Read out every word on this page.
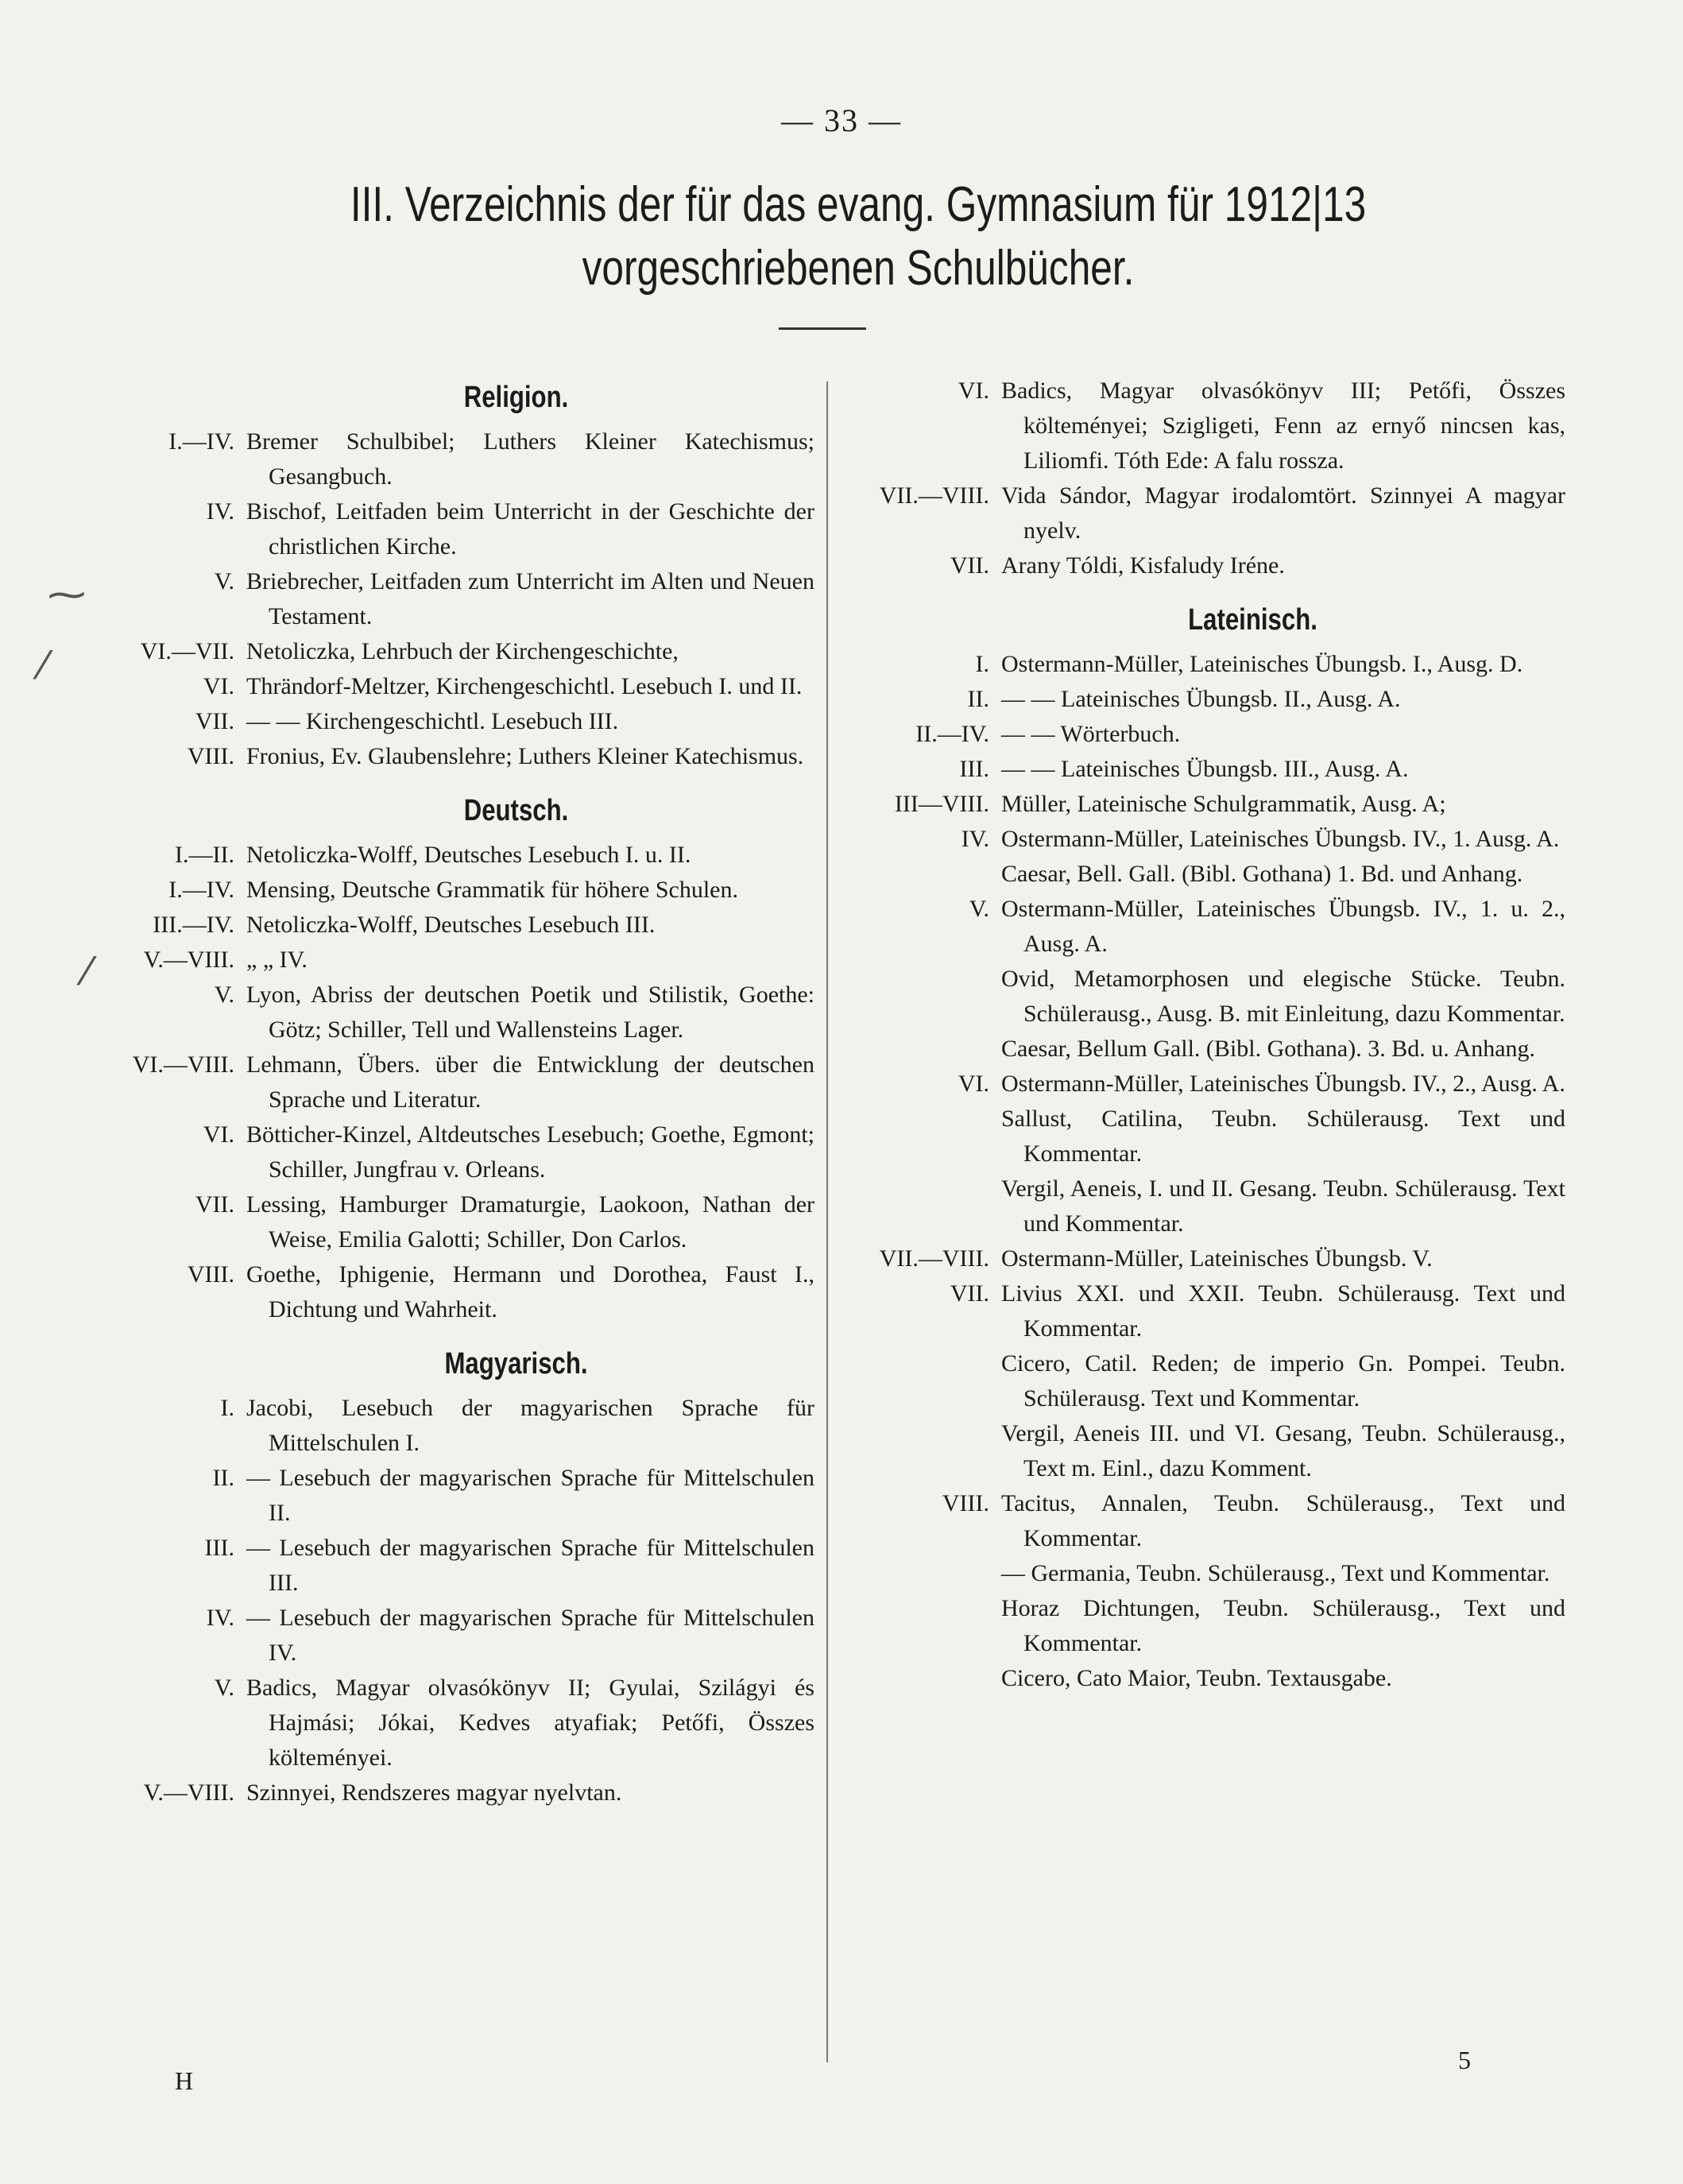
— 33 —
III. Verzeichnis der für das evang. Gymnasium für 1912|13
vorgeschriebenen Schulbücher.
Religion.
I.—IV. Bremer Schulbibel; Luthers Kleiner Katechismus; Gesangbuch.
IV. Bischof, Leitfaden beim Unterricht in der Geschichte der christlichen Kirche.
V. Briebrecher, Leitfaden zum Unterricht im Alten und Neuen Testament.
VI.—VII. Netoliczka, Lehrbuch der Kirchengeschichte,
VI. Thrändorf-Meltzer, Kirchengeschichtl. Lesebuch I. und II.
VII. — — Kirchengeschichtl. Lesebuch III.
VIII. Fronius, Ev. Glaubenslehre; Luthers Kleiner Katechismus.
Deutsch.
I.—II. Netoliczka-Wolff, Deutsches Lesebuch I. u. II.
I.—IV. Mensing, Deutsche Grammatik für höhere Schulen.
III.—IV. Netoliczka-Wolff, Deutsches Lesebuch III.
V.—VIII. „ „ IV.
V. Lyon, Abriss der deutschen Poetik und Stilistik, Goethe: Götz; Schiller, Tell und Wallensteins Lager.
VI.—VIII. Lehmann, Übers. über die Entwicklung der deutschen Sprache und Literatur.
VI. Bötticher-Kinzel, Altdeutsches Lesebuch; Goethe, Egmont; Schiller, Jungfrau v. Orleans.
VII. Lessing, Hamburger Dramaturgie, Laokoon, Nathan der Weise, Emilia Galotti; Schiller, Don Carlos.
VIII. Goethe, Iphigenie, Hermann und Dorothea, Faust I., Dichtung und Wahrheit.
Magyarisch.
I. Jacobi, Lesebuch der magyarischen Sprache für Mittelschulen I.
II. — Lesebuch der magyarischen Sprache für Mittelschulen II.
III. — Lesebuch der magyarischen Sprache für Mittelschulen III.
IV. — Lesebuch der magyarischen Sprache für Mittelschulen IV.
V. Badics, Magyar olvasókönyv II; Gyulai, Szilágyi és Hajmási; Jókai, Kedves atyafiak; Petőfi, Összes költeményei.
V.—VIII. Szinnyei, Rendszeres magyar nyelvtan.
VI. Badics, Magyar olvasókönyv III; Petőfi, Összes költeményei; Szigligeti, Fenn az ernyő nincsen kas, Liliomfi. Tóth Ede: A falu rossza.
VII.—VIII. Vida Sándor, Magyar irodalomtört. Szinnyei A magyar nyelv.
VII. Arany Tóldi, Kisfaludy Iréne.
Lateinisch.
I. Ostermann-Müller, Lateinisches Übungsb. I., Ausg. D.
II. — — Lateinisches Übungsb. II., Ausg. A.
II.—IV. — — Wörterbuch.
III. — — Lateinisches Übungsb. III., Ausg. A.
III—VIII. Müller, Lateinische Schulgrammatik, Ausg. A;
IV. Ostermann-Müller, Lateinisches Übungsb. IV., 1. Ausg. A.
Caesar, Bell. Gall. (Bibl. Gothana) 1. Bd. und Anhang.
V. Ostermann-Müller, Lateinisches Übungsb. IV., 1. u. 2., Ausg. A.
Ovid, Metamorphosen und elegische Stücke. Teubn. Schülerausg., Ausg. B. mit Einleitung, dazu Kommentar.
Caesar, Bellum Gall. (Bibl. Gothana). 3. Bd. u. Anhang.
VI. Ostermann-Müller, Lateinisches Übungsb. IV., 2., Ausg. A.
Sallust, Catilina, Teubn. Schülerausg. Text und Kommentar.
Vergil, Aeneis, I. und II. Gesang. Teubn. Schülerausg. Text und Kommentar.
VII.—VIII. Ostermann-Müller, Lateinisches Übungsb. V.
VII. Livius XXI. und XXII. Teubn. Schülerausg. Text und Kommentar.
Cicero, Catil. Reden; de imperio Gn. Pompei. Teubn. Schülerausg. Text und Kommentar.
Vergil, Aeneis III. und VI. Gesang, Teubn. Schülerausg., Text m. Einl., dazu Komment.
VIII. Tacitus, Annalen, Teubn. Schülerausg., Text und Kommentar.
— Germania, Teubn. Schülerausg., Text und Kommentar.
Horaz Dichtungen, Teubn. Schülerausg., Text und Kommentar.
Cicero, Cato Maior, Teubn. Textausgabe.
⁓
⁄
⁄
H
5
